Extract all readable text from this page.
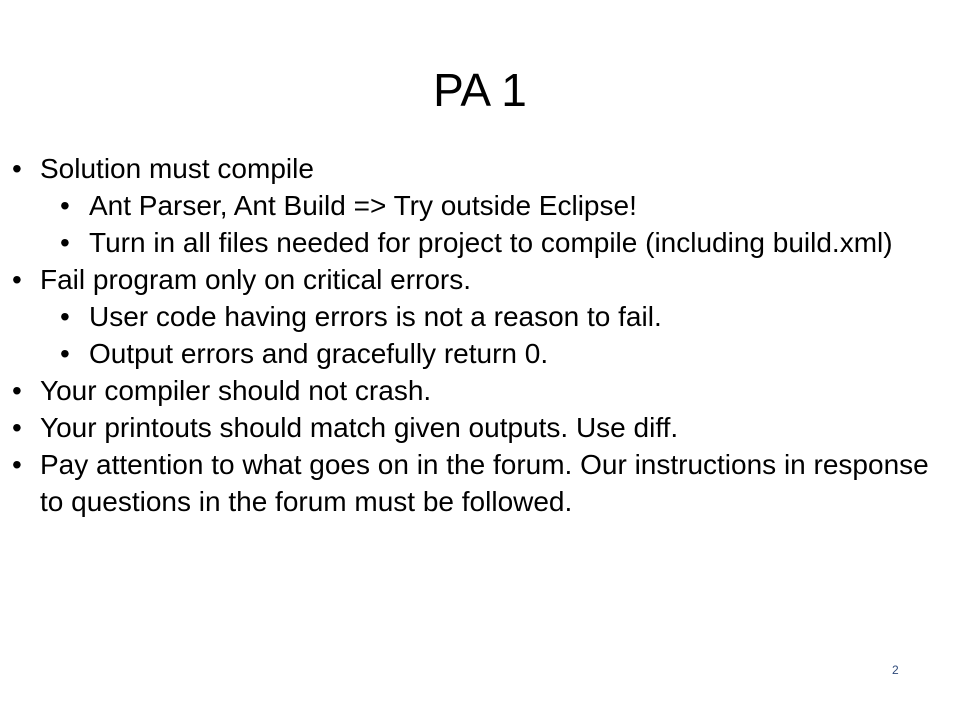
PA 1
• Solution must compile
• Ant Parser, Ant Build => Try outside Eclipse!
• Turn in all files needed for project to compile (including build.xml)
• Fail program only on critical errors.
• User code having errors is not a reason to fail.
• Output errors and gracefully return 0.
• Your compiler should not crash.
• Your printouts should match given outputs. Use diff.
• Pay attention to what goes on in the forum. Our instructions in response to questions in the forum must be followed.
2
